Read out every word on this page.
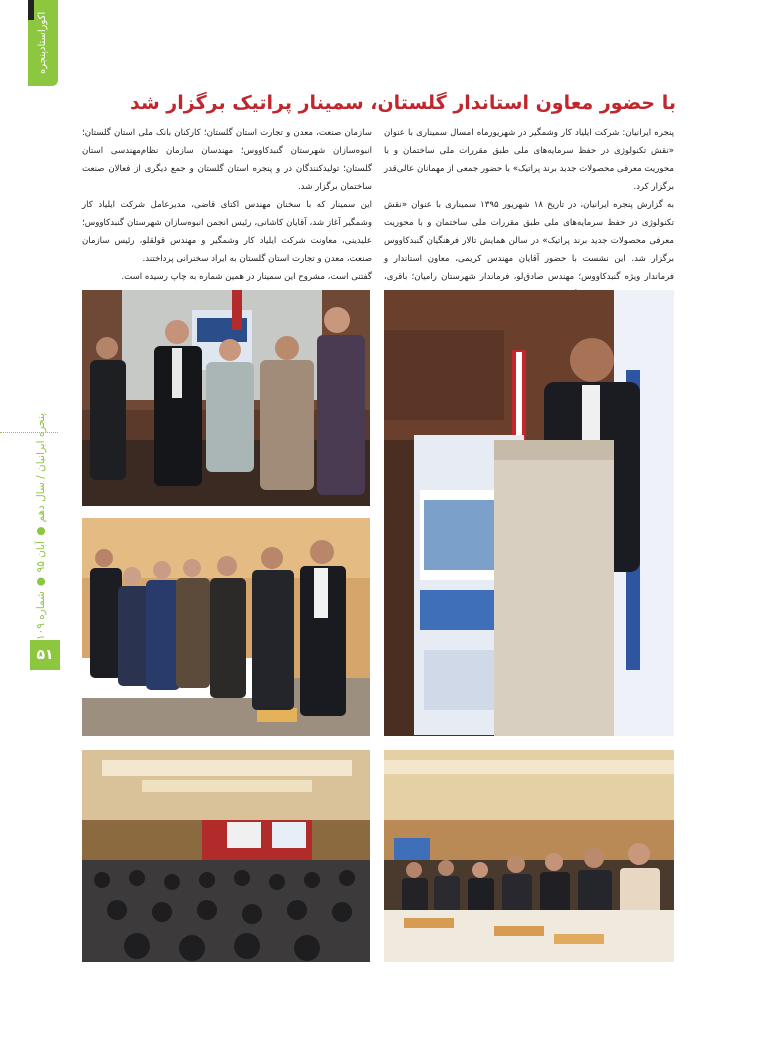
اکوراستادپنجره
پنجره ایرانیان / سال دهم ● آبان ۹۵ ● شماره ۱۰۹
۵۱
با حضور معاون استاندار گلستان، سمینار پراتیک برگزار شد

پنجره ایرانیان: شرکت ایلیاد کار وشمگیر در شهریورماه امسال سمیناری با عنوان «نقش تکنولوژی در حفظ سرمایه‌های ملی طبق مقررات ملی ساختمان و با محوریت معرفی محصولات جدید برند پراتیک» با حضور جمعی از مهمانان عالی‌قدر برگزار کرد.

به گزارش پنجره ایرانیان، در تاریخ ۱۸ شهریور ۱۳۹۵ سمیناری با عنوان «نقش تکنولوژی در حفظ سرمایه‌های ملی طبق مقررات ملی ساختمان و با محوریت معرفی محصولات جدید برند پراتیک» در سالن همایش تالار فرهنگیان گنبدکاووس برگزار شد. این نشست با حضور آقایان مهندس کریمی، معاون استاندار و فرماندار ویژه گنبدکاووس؛ مهندس صادق‌لو، فرماندار شهرستان رامیان؛ باقری،

سازمان صنعت، معدن و تجارت استان گلستان؛ کارکنان بانک ملی استان گلستان؛ انبوه‌سازان شهرستان گنبدکاووس؛ مهندسان سازمان نظام‌مهندسی استان گلستان؛ تولیدکنندگان در و پنجره استان گلستان و جمع دیگری از فعالان صنعت ساختمان برگزار شد.

این سمینار که با سخنان مهندس اکتای قاضی، مدیرعامل شرکت ایلیاد کار وشمگیر آغاز شد، آقایان کاشانی، رئیس انجمن انبوه‌سازان شهرستان گنبدکاووس؛ علیدینی، معاونت شرکت ایلیاد کار وشمگیر و مهندس قولقلو، رئیس سازمان صنعت، معدن و تجارت استان گلستان به ایراد سخنرانی پرداختند.

گفتنی است، مشروح این سمینار در همین شماره به چاپ رسیده است.
